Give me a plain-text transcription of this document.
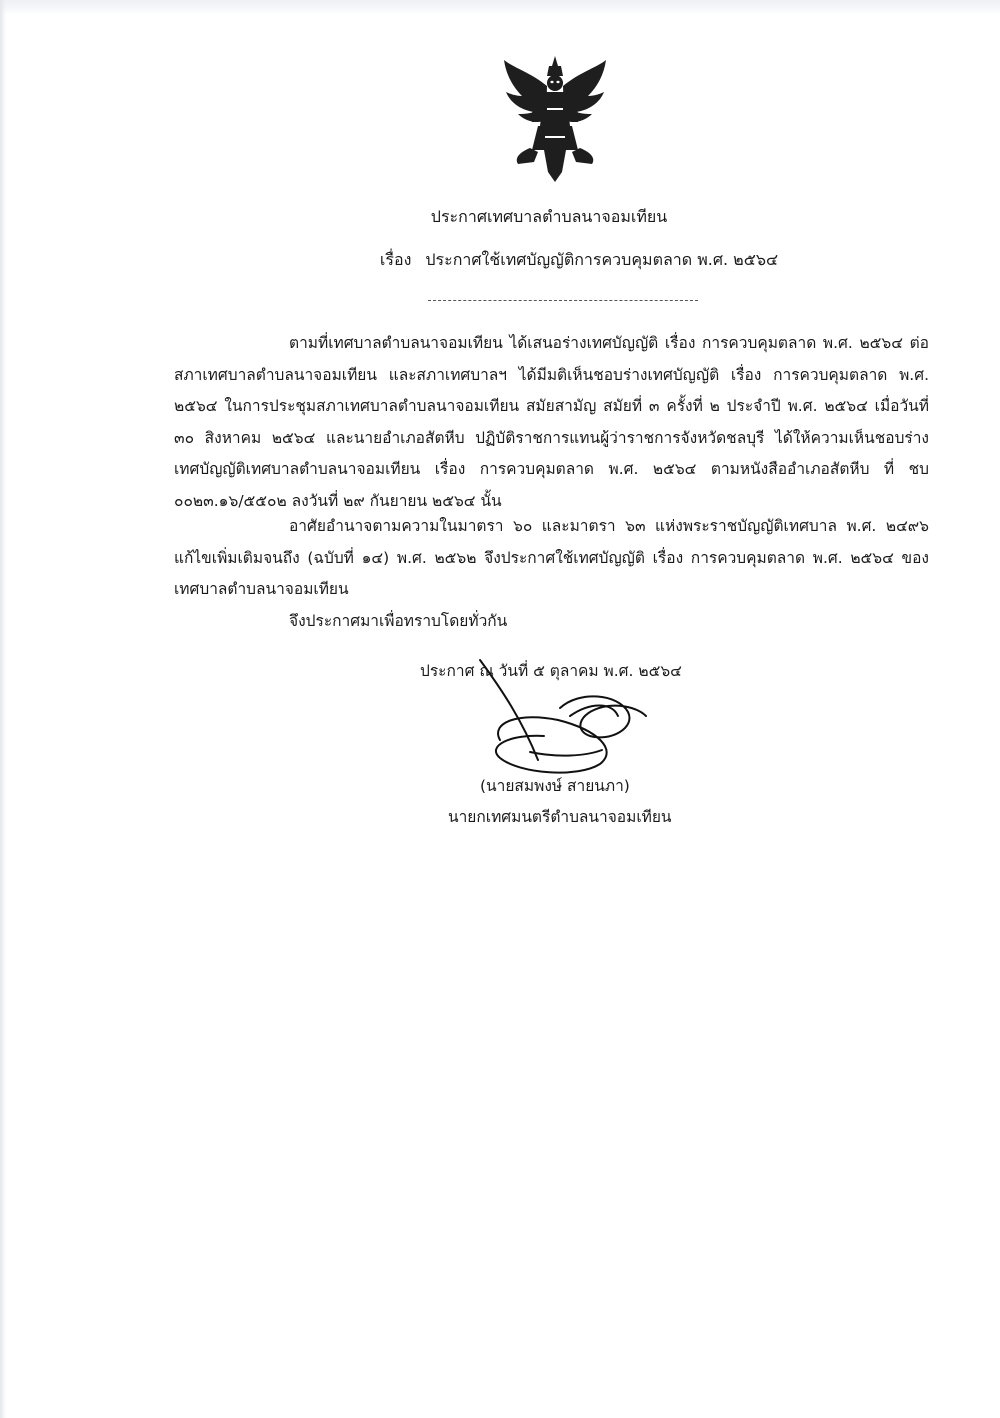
ประกาศเทศบาลตำบลนาจอมเทียน
เรื่อง ประกาศใช้เทศบัญญัติการควบคุมตลาด พ.ศ. ๒๕๖๔
ตามที่เทศบาลตำบลนาจอมเทียน ได้เสนอร่างเทศบัญญัติ เรื่อง การควบคุมตลาด พ.ศ. ๒๕๖๔ ต่อสภาเทศบาลตำบลนาจอมเทียน และสภาเทศบาลฯ ได้มีมติเห็นชอบร่างเทศบัญญัติ เรื่อง การควบคุมตลาด พ.ศ. ๒๕๖๔ ในการประชุมสภาเทศบาลตำบลนาจอมเทียน สมัยสามัญ สมัยที่ ๓ ครั้งที่ ๒ ประจำปี พ.ศ. ๒๕๖๔ เมื่อวันที่ ๓๐ สิงหาคม ๒๕๖๔ และนายอำเภอสัตหีบ ปฏิบัติราชการแทนผู้ว่าราชการจังหวัดชลบุรี ได้ให้ความเห็นชอบร่างเทศบัญญัติเทศบาลตำบลนาจอมเทียน เรื่อง การควบคุมตลาด พ.ศ. ๒๕๖๔ ตามหนังสืออำเภอสัตหีบ ที่ ชบ ๐๐๒๓.๑๖/๕๕๐๒ ลงวันที่ ๒๙ กันยายน ๒๕๖๔ นั้น
อาศัยอำนาจตามความในมาตรา ๖๐ และมาตรา ๖๓ แห่งพระราชบัญญัติเทศบาล พ.ศ. ๒๔๙๖ แก้ไขเพิ่มเติมจนถึง (ฉบับที่ ๑๔) พ.ศ. ๒๕๖๒ จึงประกาศใช้เทศบัญญัติ เรื่อง การควบคุมตลาด พ.ศ. ๒๕๖๔ ของเทศบาลตำบลนาจอมเทียน
จึงประกาศมาเพื่อทราบโดยทั่วกัน
ประกาศ ณ วันที่ ๕ ตุลาคม พ.ศ. ๒๕๖๔
(นายสมพงษ์ สายนภา)
นายกเทศมนตรีตำบลนาจอมเทียน
